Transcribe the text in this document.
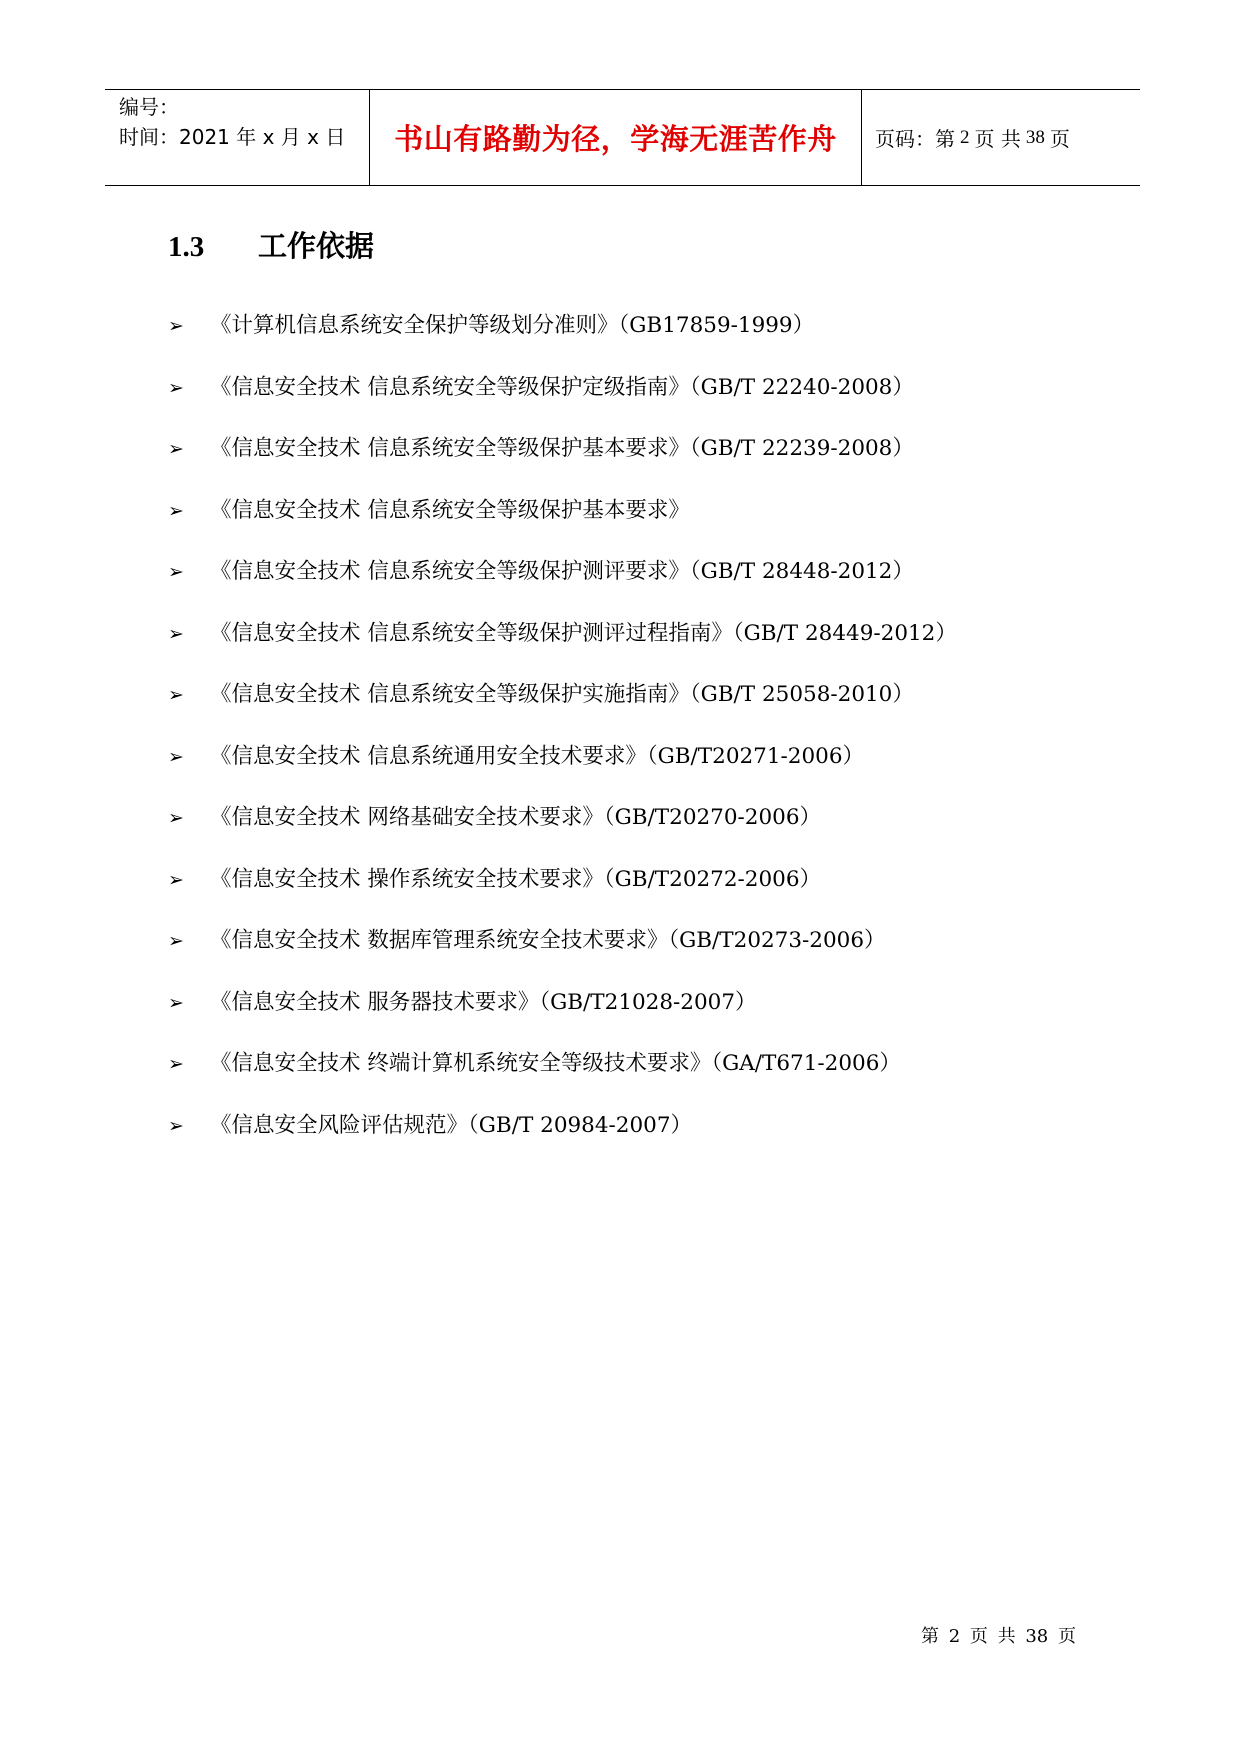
编号：
时间：2021 年 x 月 x 日	书山有路勤为径，学海无涯苦作舟 页码：第 2 页 共 38 页
1.3 工作依据
➢	《计算机信息系统安全保护等级划分准则》（GB17859-1999）
➢	《信息安全技术 信息系统安全等级保护定级指南》（GB/T 22240-2008）
➢	《信息安全技术 信息系统安全等级保护基本要求》（GB/T 22239-2008）
➢	《信息安全技术 信息系统安全等级保护基本要求》
➢	《信息安全技术 信息系统安全等级保护测评要求》（GB/T 28448-2012）
➢	《信息安全技术 信息系统安全等级保护测评过程指南》（GB/T 28449-2012）
➢	《信息安全技术 信息系统安全等级保护实施指南》（GB/T 25058-2010）
➢	《信息安全技术 信息系统通用安全技术要求》（GB/T20271-2006）
➢	《信息安全技术 网络基础安全技术要求》（GB/T20270-2006）
➢	《信息安全技术 操作系统安全技术要求》（GB/T20272-2006）
➢	《信息安全技术 数据库管理系统安全技术要求》（GB/T20273-2006）
➢	《信息安全技术 服务器技术要求》（GB/T21028-2007）
➢	《信息安全技术 终端计算机系统安全等级技术要求》（GA/T671-2006）
➢	《信息安全风险评估规范》（GB/T 20984-2007）
第 2 页 共 38 页
